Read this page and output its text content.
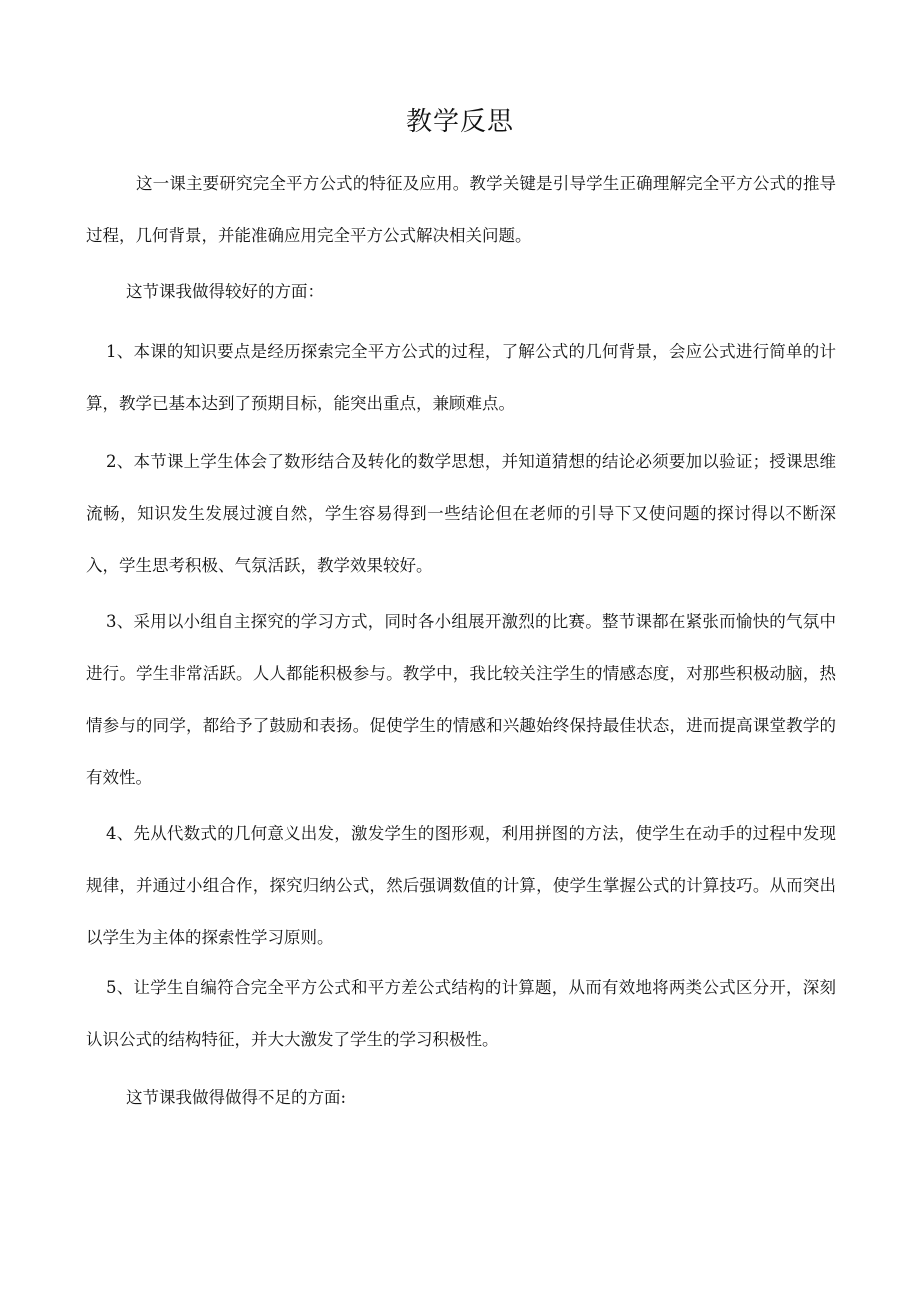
教学反思

这一课主要研究完全平方公式的特征及应用。教学关键是引导学生正确理解完全平方公式的推导过程，几何背景，并能准确应用完全平方公式解决相关问题。

这节课我做得较好的方面：

1、本课的知识要点是经历探索完全平方公式的过程，了解公式的几何背景，会应公式进行简单的计算，教学已基本达到了预期目标，能突出重点，兼顾难点。

2、本节课上学生体会了数形结合及转化的数学思想，并知道猜想的结论必须要加以验证；授课思维流畅，知识发生发展过渡自然，学生容易得到一些结论但在老师的引导下又使问题的探讨得以不断深入，学生思考积极、气氛活跃，教学效果较好。

3、采用以小组自主探究的学习方式，同时各小组展开激烈的比赛。整节课都在紧张而愉快的气氛中进行。学生非常活跃。人人都能积极参与。教学中，我比较关注学生的情感态度，对那些积极动脑，热情参与的同学，都给予了鼓励和表扬。促使学生的情感和兴趣始终保持最佳状态，进而提高课堂教学的有效性。

4、先从代数式的几何意义出发，激发学生的图形观，利用拼图的方法，使学生在动手的过程中发现规律，并通过小组合作，探究归纳公式，然后强调数值的计算，使学生掌握公式的计算技巧。从而突出以学生为主体的探索性学习原则。

5、让学生自编符合完全平方公式和平方差公式结构的计算题，从而有效地将两类公式区分开，深刻认识公式的结构特征，并大大激发了学生的学习积极性。

这节课我做得做得不足的方面:
